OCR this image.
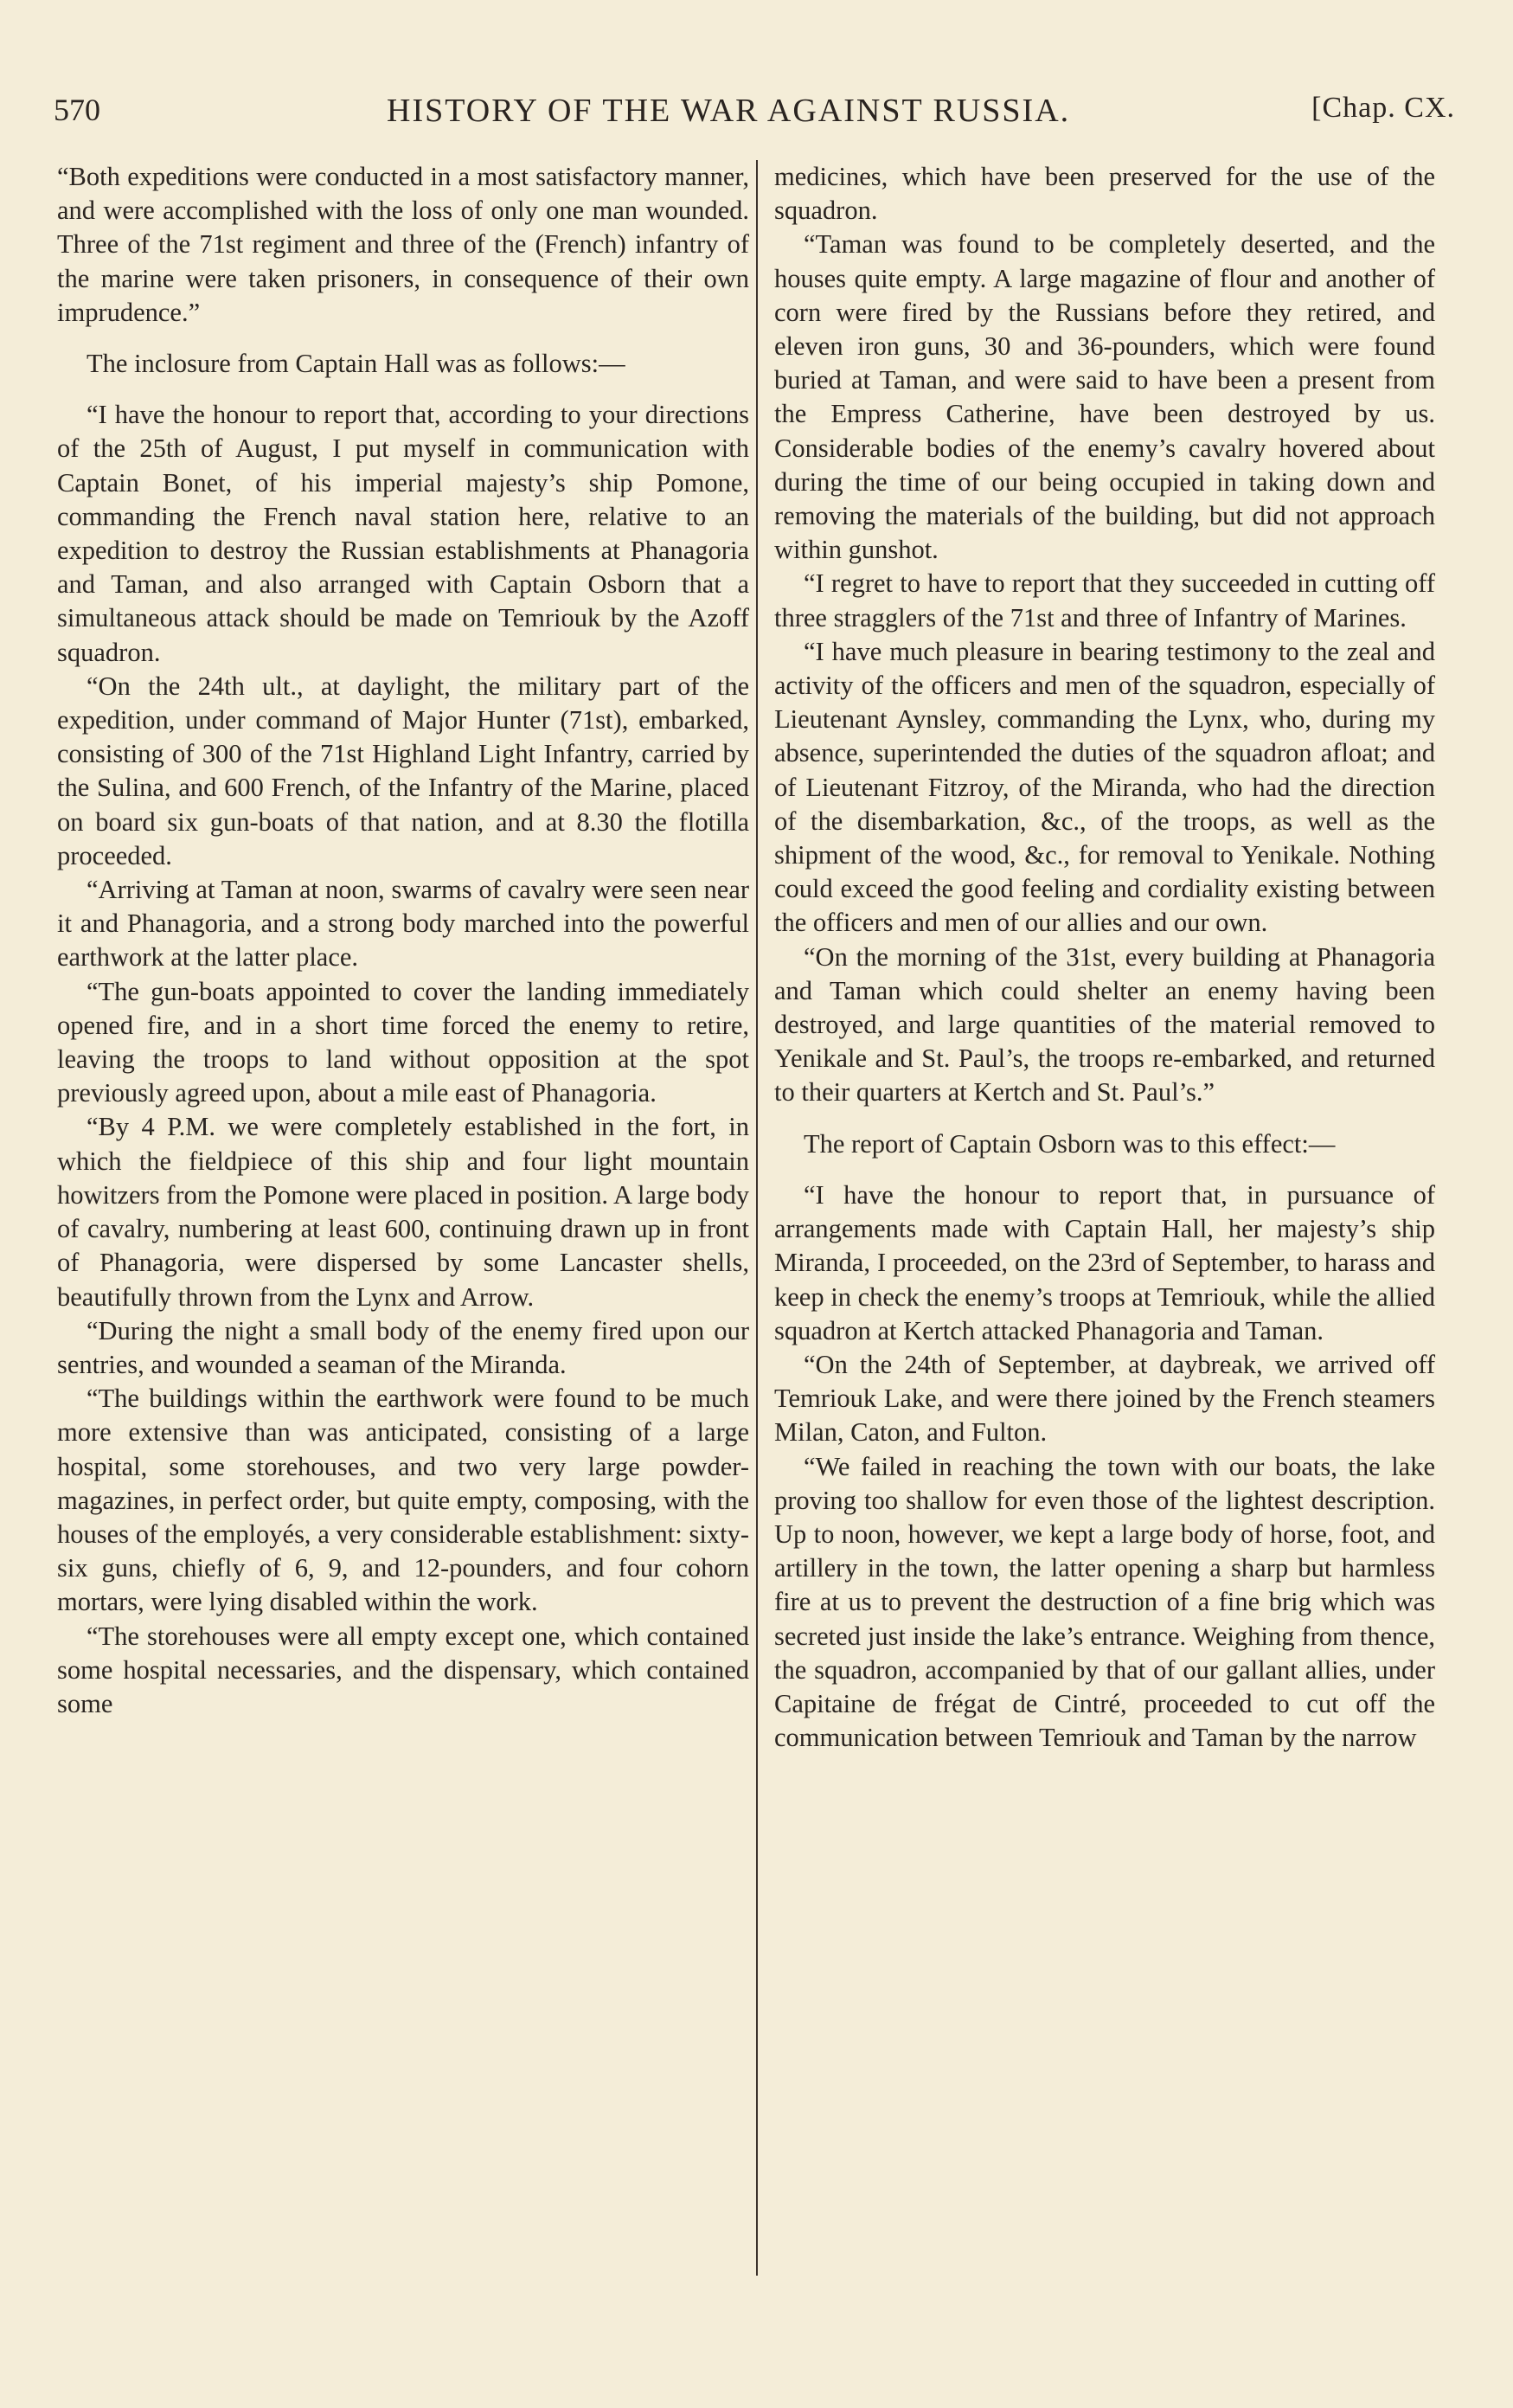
570	HISTORY OF THE WAR AGAINST RUSSIA.	[Chap. CX.

“Both expeditions were conducted in a most satisfactory manner, and were accomplished with the loss of only one man wounded. Three of the 71st regiment and three of the (French) infantry of the marine were taken prisoners, in consequence of their own imprudence.”

The inclosure from Captain Hall was as follows:—

“I have the honour to report that, according to your directions of the 25th of August, I put myself in communication with Captain Bonet, of his imperial majesty’s ship Pomone, commanding the French naval station here, relative to an expedition to destroy the Russian establishments at Phanagoria and Taman, and also arranged with Captain Osborn that a simultaneous attack should be made on Temriouk by the Azoff squadron.

“On the 24th ult., at daylight, the military part of the expedition, under command of Major Hunter (71st), embarked, consisting of 300 of the 71st Highland Light Infantry, carried by the Sulina, and 600 French, of the Infantry of the Marine, placed on board six gun-boats of that nation, and at 8.30 the flotilla proceeded.

“Arriving at Taman at noon, swarms of cavalry were seen near it and Phanagoria, and a strong body marched into the powerful earthwork at the latter place.

“The gun-boats appointed to cover the landing immediately opened fire, and in a short time forced the enemy to retire, leaving the troops to land without opposition at the spot previously agreed upon, about a mile east of Phanagoria.

“By 4 P.M. we were completely established in the fort, in which the fieldpiece of this ship and four light mountain howitzers from the Pomone were placed in position. A large body of cavalry, numbering at least 600, continuing drawn up in front of Phanagoria, were dispersed by some Lancaster shells, beautifully thrown from the Lynx and Arrow.

“During the night a small body of the enemy fired upon our sentries, and wounded a seaman of the Miranda.

“The buildings within the earthwork were found to be much more extensive than was anticipated, consisting of a large hospital, some storehouses, and two very large powder-magazines, in perfect order, but quite empty, composing, with the houses of the employés, a very considerable establishment: sixty-six guns, chiefly of 6, 9, and 12-pounders, and four cohorn mortars, were lying disabled within the work.

“The storehouses were all empty except one, which contained some hospital necessaries, and the dispensary, which contained some

medicines, which have been preserved for the use of the squadron.

“Taman was found to be completely deserted, and the houses quite empty. A large magazine of flour and another of corn were fired by the Russians before they retired, and eleven iron guns, 30 and 36-pounders, which were found buried at Taman, and were said to have been a present from the Empress Catherine, have been destroyed by us. Considerable bodies of the enemy’s cavalry hovered about during the time of our being occupied in taking down and removing the materials of the building, but did not approach within gunshot.

“I regret to have to report that they succeeded in cutting off three stragglers of the 71st and three of Infantry of Marines.

“I have much pleasure in bearing testimony to the zeal and activity of the officers and men of the squadron, especially of Lieutenant Aynsley, commanding the Lynx, who, during my absence, superintended the duties of the squadron afloat; and of Lieutenant Fitzroy, of the Miranda, who had the direction of the disembarkation, &c., of the troops, as well as the shipment of the wood, &c., for removal to Yenikale. Nothing could exceed the good feeling and cordiality existing between the officers and men of our allies and our own.

“On the morning of the 31st, every building at Phanagoria and Taman which could shelter an enemy having been destroyed, and large quantities of the material removed to Yenikale and St. Paul’s, the troops re-embarked, and returned to their quarters at Kertch and St. Paul’s.”

The report of Captain Osborn was to this effect:—

“I have the honour to report that, in pursuance of arrangements made with Captain Hall, her majesty’s ship Miranda, I proceeded, on the 23rd of September, to harass and keep in check the enemy’s troops at Temriouk, while the allied squadron at Kertch attacked Phanagoria and Taman.

“On the 24th of September, at daybreak, we arrived off Temriouk Lake, and were there joined by the French steamers Milan, Caton, and Fulton.

“We failed in reaching the town with our boats, the lake proving too shallow for even those of the lightest description. Up to noon, however, we kept a large body of horse, foot, and artillery in the town, the latter opening a sharp but harmless fire at us to prevent the destruction of a fine brig which was secreted just inside the lake’s entrance. Weighing from thence, the squadron, accompanied by that of our gallant allies, under Capitaine de frégat de Cintré, proceeded to cut off the communication between Temriouk and Taman by the narrow
